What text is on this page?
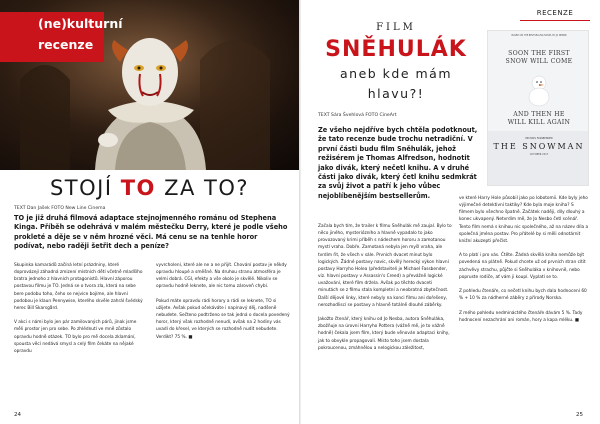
(ne)kulturní
recenze
STOJÍ TO ZA TO?
TEXT Dan Jašek FOTO New Line Cinema
TO je již druhá filmová adaptace stejnojmenného románu od Stephena Kinga. Příběh se odehrává v malém městečku Derry, které je podle všeho prokleté a děje se v něm hrozné věci. Má cenu se na tenhle horor podívat, nebo raději šetřit dech a peníze?
Skupinka kamarádů začíná letní prázdniny, které doprovázejí záhadná zmizení místních dětí včetně mladšího bratra jednoho z hlavních protagonistů. Hlavní záporou postavou filmu je TO. Jedná se o tvora zla, která na sebe bere podobu toho, čeho se nejvíce bojíme, ale hlavní podobou je klaun Pennywise, kterého skvěle zahrál švédský herec Bill Skarsgård.

V akci s námi bylo jen pár zamilovaných párů, jinak jsme měli prostor jen pro sebe. Po zhlédnutí ve mně zůstalo opravdu hodně otázek. TO bylo pro mě docela zklamání, spousta věcí nedává smysl a celý film čekáte na nějaké opravdu
vyvrcholení, které ale ne a ne přijít. Chování postav je někdy opravdu hloupé a směšné. Na druhou stranu atmosféra je velmi dobrá. CGI, efekty a vše okolo je skvělé. Nikoliv se opravdu hodně leknete, ale nic tomu zároveň chybí.

Pokud máte opravdu rádi horory a rádi se leknete, TO si užijete. Avšak pokud očekáváte i napínavý děj, nadšeně nebudete. Sečteno podtrženo se tak jedná o docela povedený horor, který však rozhodně nenudí, avšak na 2 hodiny vás uvadí do křesel, ve kterých se rozhodně nudit nebudete. Verdikt? 75 %. ■
24
RECENZE
FILM
SNĚHULÁK
aneb kde mám
hlavu?!
TEXT Sára Švehlová FOTO CineArt
Ze všeho nejdříve bych chtěla podotknout, že tato recenze bude trochu netradiční. V první části budu film Sněhulák, jehož režisérem je Thomas Alfredson, hodnotit jako divák, který nečetl knihu. A v druhé části jako divák, který četl knihu sedmkrát za svůj život a patří k jeho vůbec nejoblíbenějším bestsellerům.
Začala bych tím, že trailer k filmu Sněhulák mě zaujal. Bylo to něco jiného, mysteriózního a hlavně vypadalo to jako provozovaný krimi příběh s nádechem hororu a zamotanou mystí vraha. Dobře. Zamotaná nebyla jen myšl vraha, ale tvrdím řit, že všech v sále. Prvních dvacet minut bylo logických. Žádné postavy navíc, skvělý herecký výkon hlavní postavy Harryho Holea (představiteli je Michael Fassbender, viz. hlavní postavy v Assassin's Creed) a převážně logické uvažování, které film držela. Avšak po těchto dvaceti minutách se z filmu stala kompletní a neobratná zbytečnost. Další dějové linky, které nebyly na konci filmu ani dořešeny, nerozhodliscí se postavy a hlavně totálně dlouhé záběrky.

Jakožto čtenář, který knihu od Jo Nesba, autora Sněhuláka, zbožňuje na úrovni Harryho Pottera (vážně mě, je to vážně hodně) čekala jsem film, který bude věnován adaptaci knihy, jak to obvykle propagovali. Místo toho jsem dostala pokroucenou, zmáhnělou a nelogickou záležitost,
ve které Harry Hole působil jako po lobotomii. Kde byly jeho výjimečné detektivní taktiky? Kde byla moje kniha? S filmem bylo všechno špatně. Začátek naději, díly dlouhý a konec ukvapený. Netvrdím mě, že Jo Nesbo četl scénář. Tento film nemá s knihou nic společného, až na název díla a společná jména postav. Pro přátelé by si měli odnotárnit knižní akuzepti přečíst.

A to platí i pro vás. Čtěte. Žádná skvělá kniha nemůže být povedená na plátně. Pokud chcete už od prvních stran cítit záchvěvy strachu, půjčte si Sněhuláka v knihovně, nebo popruste rodiče, ať vám ji koupí. Vyplatí se to.

Z pohledu čtenáře, co nečetl knihu bych dala hodnocení 60 % + 10 % za nádherné záběry z přírody Norska.

Z mého pohledu nedmináctého čtenáře dávám 5 %. Tady hodnocení nezachrání ani román, hory a kapa mléku. ■
25
BASED ON THE BESTSELLING NOVEL BY JO NESBØ
SOON THE FIRST
SNOW WILL COME
AND THEN HE
WILL KILL AGAIN
MICHAEL FASSBENDER
THE SNOWMAN
OCTOBER 2017
